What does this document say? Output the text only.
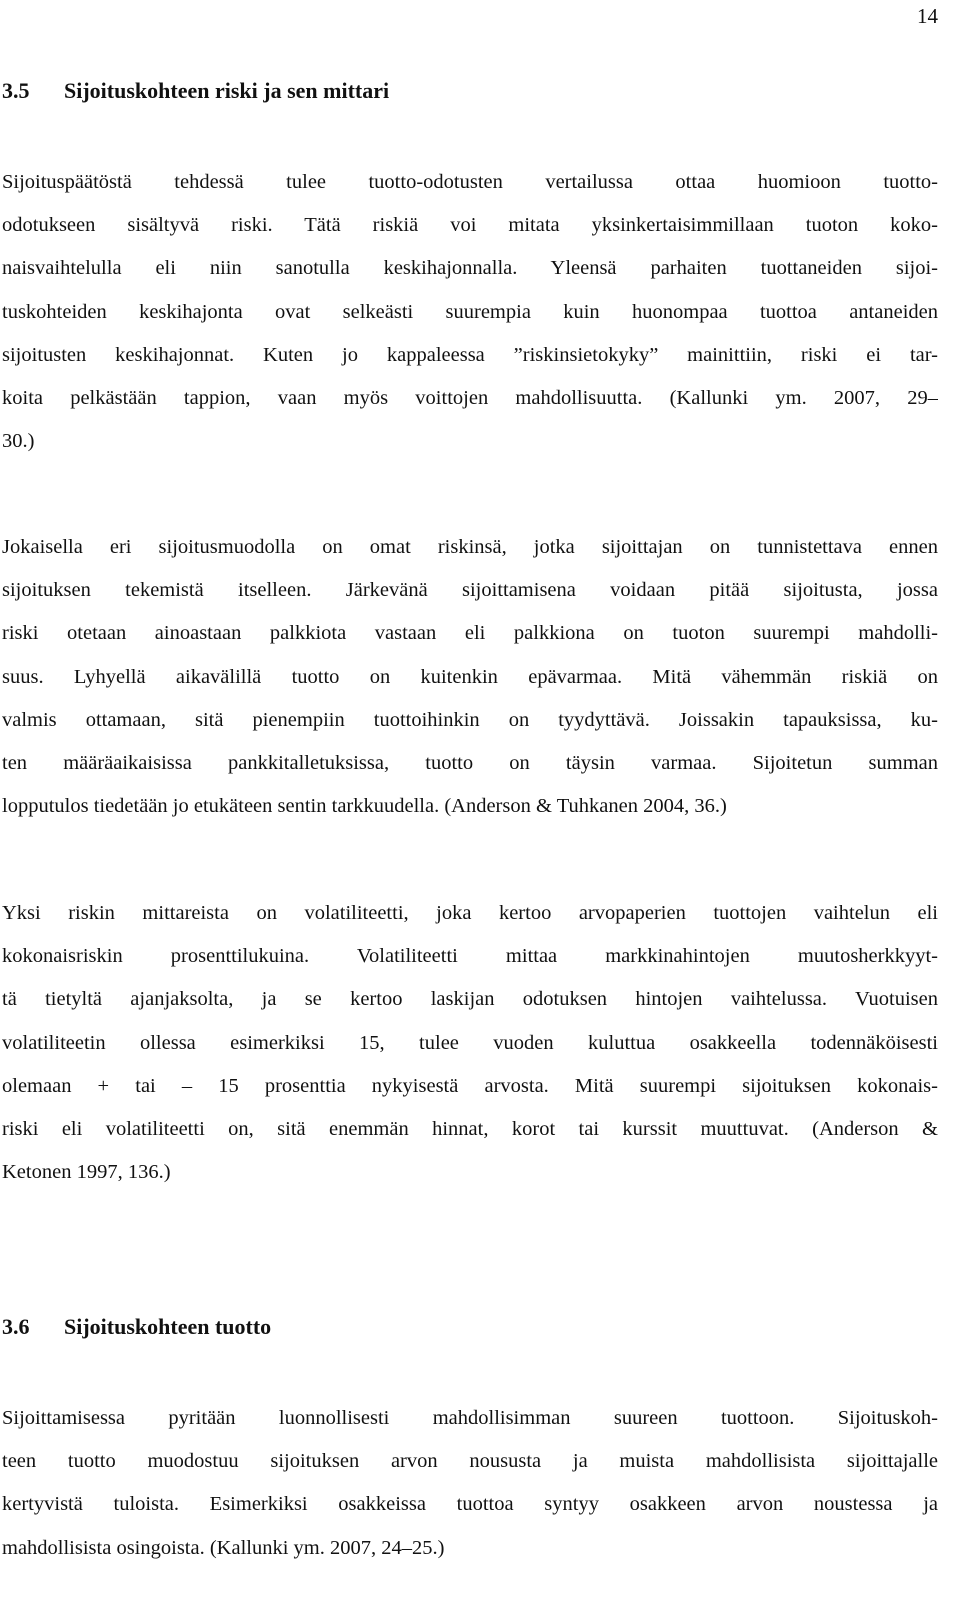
14
3.5 Sijoituskohteen riski ja sen mittari
Sijoituspäätöstä tehdessä tulee tuotto-odotusten vertailussa ottaa huomioon tuotto-
odotukseen sisältyvä riski. Tätä riskiä voi mitata yksinkertaisimmillaan tuoton koko-
naisvaihtelulla eli niin sanotulla keskihajonnalla. Yleensä parhaiten tuottaneiden sijoi-
tuskohteiden keskihajonta ovat selkeästi suurempia kuin huonompaa tuottoa antaneiden
sijoitusten keskihajonnat. Kuten jo kappaleessa ”riskinsietokyky” mainittiin, riski ei tar-
koita pelkästään tappion, vaan myös voittojen mahdollisuutta. (Kallunki ym. 2007, 29–
30.)
Jokaisella eri sijoitusmuodolla on omat riskinsä, jotka sijoittajan on tunnistettava ennen
sijoituksen tekemistä itselleen. Järkevänä sijoittamisena voidaan pitää sijoitusta, jossa
riski otetaan ainoastaan palkkiota vastaan eli palkkiona on tuoton suurempi mahdolli-
suus. Lyhyellä aikavälillä tuotto on kuitenkin epävarmaa. Mitä vähemmän riskiä on
valmis ottamaan, sitä pienempiin tuottoihinkin on tyydyttävä. Joissakin tapauksissa, ku-
ten määräaikaisissa pankkitalletuksissa, tuotto on täysin varmaa. Sijoitetun summan
lopputulos tiedetään jo etukäteen sentin tarkkuudella. (Anderson & Tuhkanen 2004, 36.)
Yksi riskin mittareista on volatiliteetti, joka kertoo arvopaperien tuottojen vaihtelun eli
kokonaisriskin prosenttilukuina. Volatiliteetti mittaa markkinahintojen muutosherkkyyt-
tä tietyltä ajanjaksolta, ja se kertoo laskijan odotuksen hintojen vaihtelussa. Vuotuisen
volatiliteetin ollessa esimerkiksi 15, tulee vuoden kuluttua osakkeella todennäköisesti
olemaan + tai – 15 prosenttia nykyisestä arvosta. Mitä suurempi sijoituksen kokonais-
riski eli volatiliteetti on, sitä enemmän hinnat, korot tai kurssit muuttuvat. (Anderson &
Ketonen 1997, 136.)
3.6 Sijoituskohteen tuotto
Sijoittamisessa pyritään luonnollisesti mahdollisimman suureen tuottoon. Sijoituskoh-
teen tuotto muodostuu sijoituksen arvon noususta ja muista mahdollisista sijoittajalle
kertyvistä tuloista. Esimerkiksi osakkeissa tuottoa syntyy osakkeen arvon noustessa ja
mahdollisista osingoista. (Kallunki ym. 2007, 24–25.)
